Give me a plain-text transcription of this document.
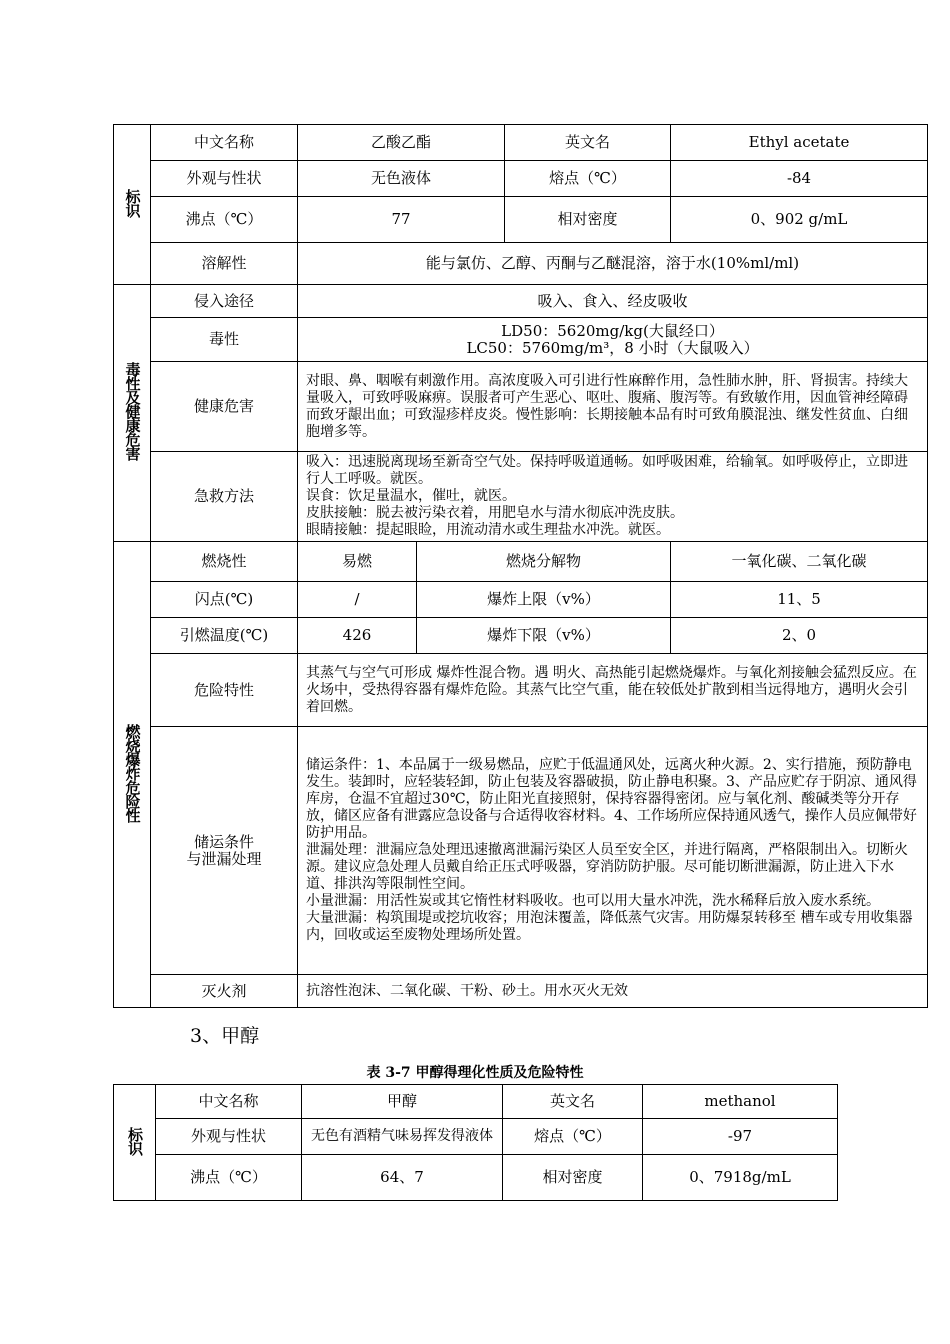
标识	中文名称	乙酸乙酯		英文名	Ethyl acetate
	外观与性状	无色液体		熔点（℃）	-84
	沸点（℃）	77		相对密度	0、902 g/mL
	溶解性	能与氯仿、乙醇、丙酮与乙醚混溶，溶于水(10%ml/ml)			
毒性及健康危害	侵入途径	吸入、食入、经皮吸收			
	毒性	LD50：5620mg/kg(大鼠经口）
LC50：5760mg/m³，8 小时（大鼠吸入）			

	健康危害	对眼、鼻、咽喉有刺激作用。高浓度吸入可引进行性麻醉作用，急性肺水肿，肝、肾损害。持续大量吸入，可致呼吸麻痹。误服者可产生恶心、呕吐、腹痛、腹泻等。有致敏作用，因血管神经障碍而致牙龈出血；可致湿疹样皮炎。慢性影响：长期接触本品有时可致角膜混浊、继发性贫血、白细胞增多等。			
	急救方法	吸入：迅速脱离现场至新奇空气处。保持呼吸道通畅。如呼吸困难，给输氧。如呼吸停止，立即进行人工呼吸。就医。
误食：饮足量温水，催吐，就医。
皮肤接触：脱去被污染衣着，用肥皂水与清水彻底冲洗皮肤。
眼睛接触：提起眼睑，用流动清水或生理盐水冲洗。就医。			

燃烧爆炸危险性	燃烧性	易燃	燃烧分解物		一氧化碳、二氧化碳
	闪点(℃)	/	爆炸上限（v%）		11、5
	引燃温度(℃)	426	爆炸下限（v%）		2、0
	危险特性	其蒸气与空气可形成 爆炸性混合物。遇 明火、高热能引起燃烧爆炸。与氧化剂接触会猛烈反应。在火场中，受热得容器有爆炸危险。其蒸气比空气重，能在较低处扩散到相当远得地方，遇明火会引着回燃。			

	储运条件
与泄漏处理	储运条件：1、本品属于一级易燃品，应贮于低温通风处，远离火种火源。2、实行措施，预防静电发生。装卸时，应轻装轻卸，防止包装及容器破损，防止静电积聚。3、产品应贮存于阴凉、通风得库房，仓温不宜超过30℃，防止阳光直接照射，保持容器得密闭。应与氧化剂、酸碱类等分开存放，储区应备有泄露应急设备与合适得收容材料。4、工作场所应保持通风透气，操作人员应佩带好防护用品。
泄漏处理：泄漏应急处理迅速撤离泄漏污染区人员至安全区，并进行隔离，严格限制出入。切断火源。建议应急处理人员戴自给正压式呼吸器，穿消防防护服。尽可能切断泄漏源，防止进入下水道、排洪沟等限制性空间。
小量泄漏：用活性炭或其它惰性材料吸收。也可以用大量水冲洗，洗水稀释后放入废水系统。
大量泄漏：构筑围堤或挖坑收容；用泡沫覆盖，降低蒸气灾害。用防爆泵转移至 槽车或专用收集器内，回收或运至废物处理场所处置。			

	灭火剂	抗溶性泡沫、二氧化碳、干粉、砂土。用水灭火无效			
3、甲醇
表 3-7 甲醇得理化性质及危险特性
标识	中文名称	甲醇	英文名	methanol
	外观与性状	无色有酒精气味易挥发得液体	熔点（℃）	-97
	沸点（℃）	64、7	相对密度	0、7918g/mL
